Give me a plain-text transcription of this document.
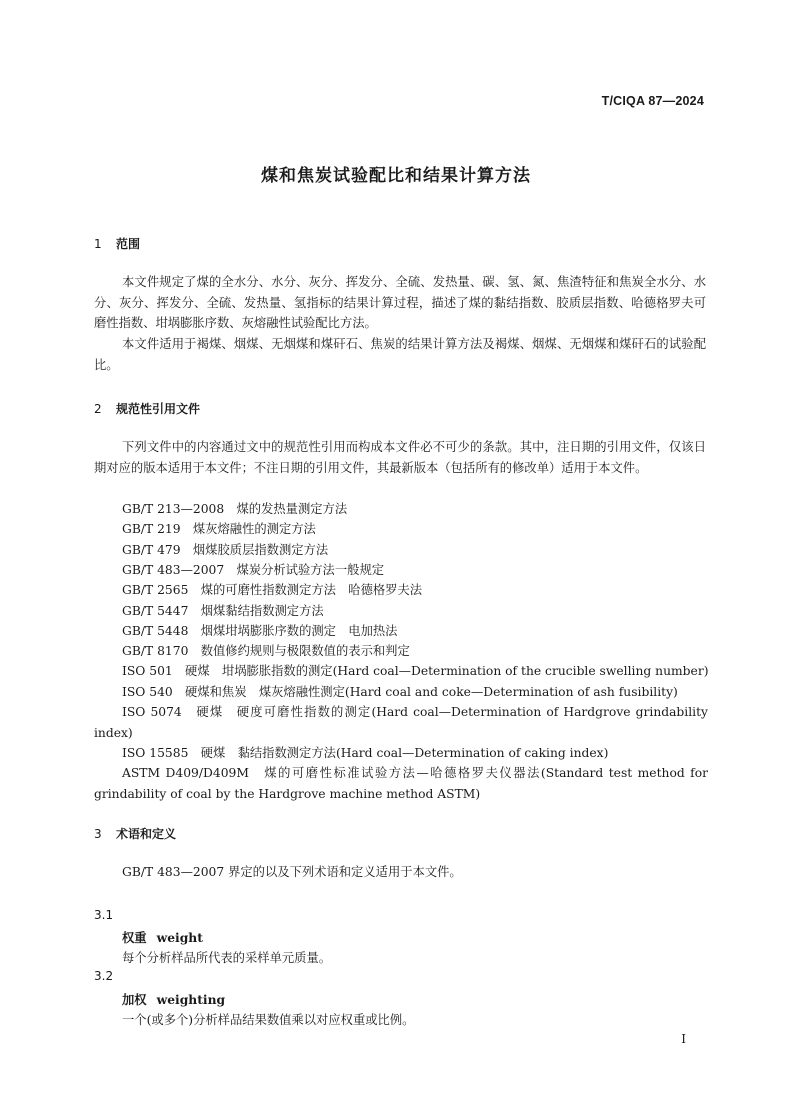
T/CIQA 87—2024
煤和焦炭试验配比和结果计算方法
1 范围
本文件规定了煤的全水分、水分、灰分、挥发分、全硫、发热量、碳、氢、氮、焦渣特征和焦炭全水分、水分、灰分、挥发分、全硫、发热量、氢指标的结果计算过程，描述了煤的黏结指数、胶质层指数、哈德格罗夫可磨性指数、坩埚膨胀序数、灰熔融性试验配比方法。
本文件适用于褐煤、烟煤、无烟煤和煤矸石、焦炭的结果计算方法及褐煤、烟煤、无烟煤和煤矸石的试验配比。
2 规范性引用文件
下列文件中的内容通过文中的规范性引用而构成本文件必不可少的条款。其中，注日期的引用文件，仅该日期对应的版本适用于本文件；不注日期的引用文件，其最新版本（包括所有的修改单）适用于本文件。
GB/T 213—2008　煤的发热量测定方法
GB/T 219　煤灰熔融性的测定方法
GB/T 479　烟煤胶质层指数测定方法
GB/T 483—2007　煤炭分析试验方法一般规定
GB/T 2565　煤的可磨性指数测定方法　哈德格罗夫法
GB/T 5447　烟煤黏结指数测定方法
GB/T 5448　烟煤坩埚膨胀序数的测定　电加热法
GB/T 8170　数值修约规则与极限数值的表示和判定
ISO 501　硬煤　坩埚膨胀指数的测定(Hard coal—Determination of the crucible swelling number)
ISO 540　硬煤和焦炭　煤灰熔融性测定(Hard coal and coke—Determination of ash fusibility)
ISO 5074　硬煤　硬度可磨性指数的测定(Hard coal—Determination of Hardgrove grindability index)
ISO 15585　硬煤　黏结指数测定方法(Hard coal—Determination of caking index)
ASTM D409/D409M　煤的可磨性标准试验方法—哈德格罗夫仪器法(Standard test method for grindability of coal by the Hardgrove machine method ASTM)
3 术语和定义
GB/T 483—2007 界定的以及下列术语和定义适用于本文件。
3.1
权重 weight
每个分析样品所代表的采样单元质量。
3.2
加权 weighting
一个(或多个)分析样品结果数值乘以对应权重或比例。
I
